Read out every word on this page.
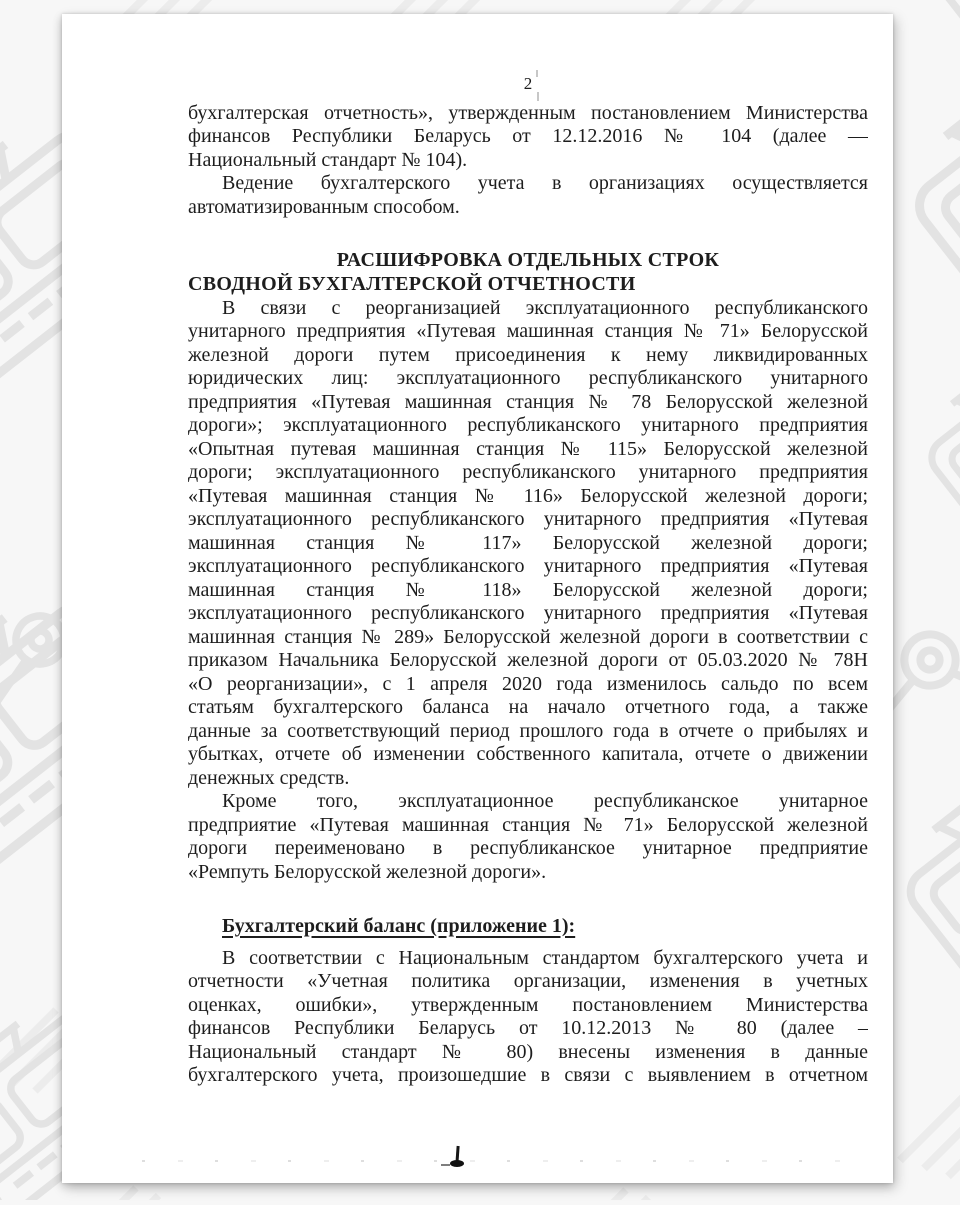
2
бухгалтерская отчетность», утвержденным постановлением Министерства
финансов Республики Беларусь от 12.12.2016 № 104 (далее —
Национальный стандарт № 104).
Ведение бухгалтерского учета в организациях осуществляется
автоматизированным способом.
РАСШИФРОВКА ОТДЕЛЬНЫХ СТРОК
СВОДНОЙ БУХГАЛТЕРСКОЙ ОТЧЕТНОСТИ
В связи с реорганизацией эксплуатационного республиканского
унитарного предприятия «Путевая машинная станция № 71» Белорусской
железной дороги путем присоединения к нему ликвидированных
юридических лиц: эксплуатационного республиканского унитарного
предприятия «Путевая машинная станция № 78 Белорусской железной
дороги»; эксплуатационного республиканского унитарного предприятия
«Опытная путевая машинная станция № 115» Белорусской железной
дороги; эксплуатационного республиканского унитарного предприятия
«Путевая машинная станция № 116» Белорусской железной дороги;
эксплуатационного республиканского унитарного предприятия «Путевая
машинная станция № 117» Белорусской железной дороги;
эксплуатационного республиканского унитарного предприятия «Путевая
машинная станция № 118» Белорусской железной дороги;
эксплуатационного республиканского унитарного предприятия «Путевая
машинная станция № 289» Белорусской железной дороги в соответствии с
приказом Начальника Белорусской железной дороги от 05.03.2020 № 78Н
«О реорганизации», с 1 апреля 2020 года изменилось сальдо по всем
статьям бухгалтерского баланса на начало отчетного года, а также
данные за соответствующий период прошлого года в отчете о прибылях и
убытках, отчете об изменении собственного капитала, отчете о движении
денежных средств.
Кроме того, эксплуатационное республиканское унитарное
предприятие «Путевая машинная станция № 71» Белорусской железной
дороги переименовано в республиканское унитарное предприятие
«Ремпуть Белорусской железной дороги».
Бухгалтерский баланс (приложение 1):
В соответствии с Национальным стандартом бухгалтерского учета и
отчетности «Учетная политика организации, изменения в учетных
оценках, ошибки», утвержденным постановлением Министерства
финансов Республики Беларусь от 10.12.2013 № 80 (далее –
Национальный стандарт № 80) внесены изменения в данные
бухгалтерского учета, произошедшие в связи с выявлением в отчетном
